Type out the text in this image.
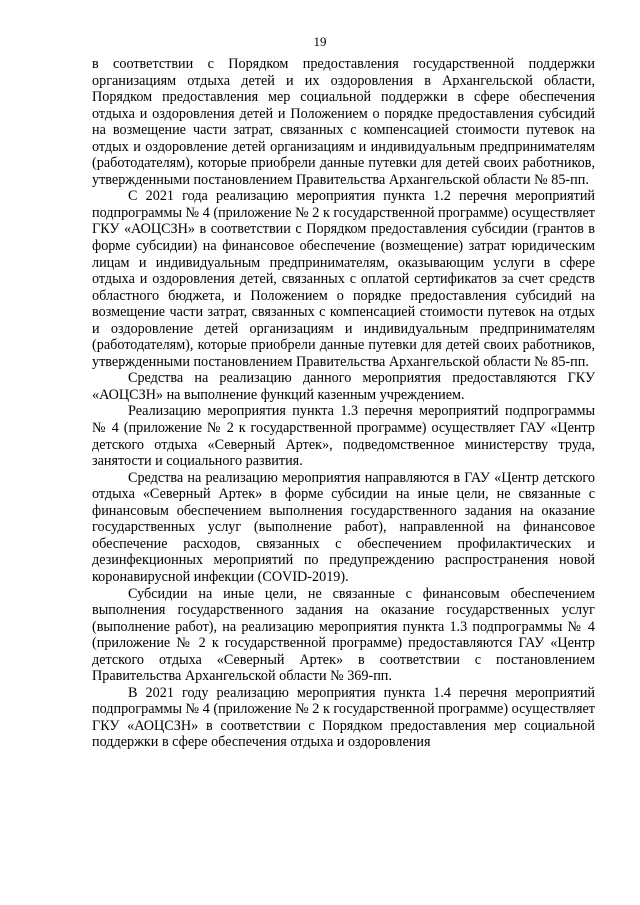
19

в соответствии с Порядком предоставления государственной поддержки организациям отдыха детей и их оздоровления в Архангельской области, Порядком предоставления мер социальной поддержки в сфере обеспечения отдыха и оздоровления детей и Положением о порядке предоставления субсидий на возмещение части затрат, связанных с компенсацией стоимости путевок на отдых и оздоровление детей организациям и индивидуальным предпринимателям (работодателям), которые приобрели данные путевки для детей своих работников, утвержденными постановлением Правительства Архангельской области № 85-пп.

С 2021 года реализацию мероприятия пункта 1.2 перечня мероприятий подпрограммы № 4 (приложение № 2 к государственной программе) осуществляет ГКУ «АОЦСЗН» в соответствии с Порядком предоставления субсидии (грантов в форме субсидии) на финансовое обеспечение (возмещение) затрат юридическим лицам и индивидуальным предпринимателям, оказывающим услуги в сфере отдыха и оздоровления детей, связанных с оплатой сертификатов за счет средств областного бюджета, и Положением о порядке предоставления субсидий на возмещение части затрат, связанных с компенсацией стоимости путевок на отдых и оздоровление детей организациям и индивидуальным предпринимателям (работодателям), которые приобрели данные путевки для детей своих работников, утвержденными постановлением Правительства Архангельской области № 85-пп.

Средства на реализацию данного мероприятия предоставляются ГКУ «АОЦСЗН» на выполнение функций казенным учреждением.

Реализацию мероприятия пункта 1.3 перечня мероприятий подпрограммы № 4 (приложение № 2 к государственной программе) осуществляет ГАУ «Центр детского отдыха «Северный Артек», подведомственное министерству труда, занятости и социального развития.

Средства на реализацию мероприятия направляются в ГАУ «Центр детского отдыха «Северный Артек» в форме субсидии на иные цели, не связанные с финансовым обеспечением выполнения государственного задания на оказание государственных услуг (выполнение работ), направленной на финансовое обеспечение расходов, связанных с обеспечением профилактических и дезинфекционных мероприятий по предупреждению распространения новой коронавирусной инфекции (COVID-2019).

Субсидии на иные цели, не связанные с финансовым обеспечением выполнения государственного задания на оказание государственных услуг (выполнение работ), на реализацию мероприятия пункта 1.3 подпрограммы № 4 (приложение № 2 к государственной программе) предоставляются ГАУ «Центр детского отдыха «Северный Артек» в соответствии с постановлением Правительства Архангельской области № 369-пп.

В 2021 году реализацию мероприятия пункта 1.4 перечня мероприятий подпрограммы № 4 (приложение № 2 к государственной программе) осуществляет ГКУ «АОЦСЗН» в соответствии с Порядком предоставления мер социальной поддержки в сфере обеспечения отдыха и оздоровления
